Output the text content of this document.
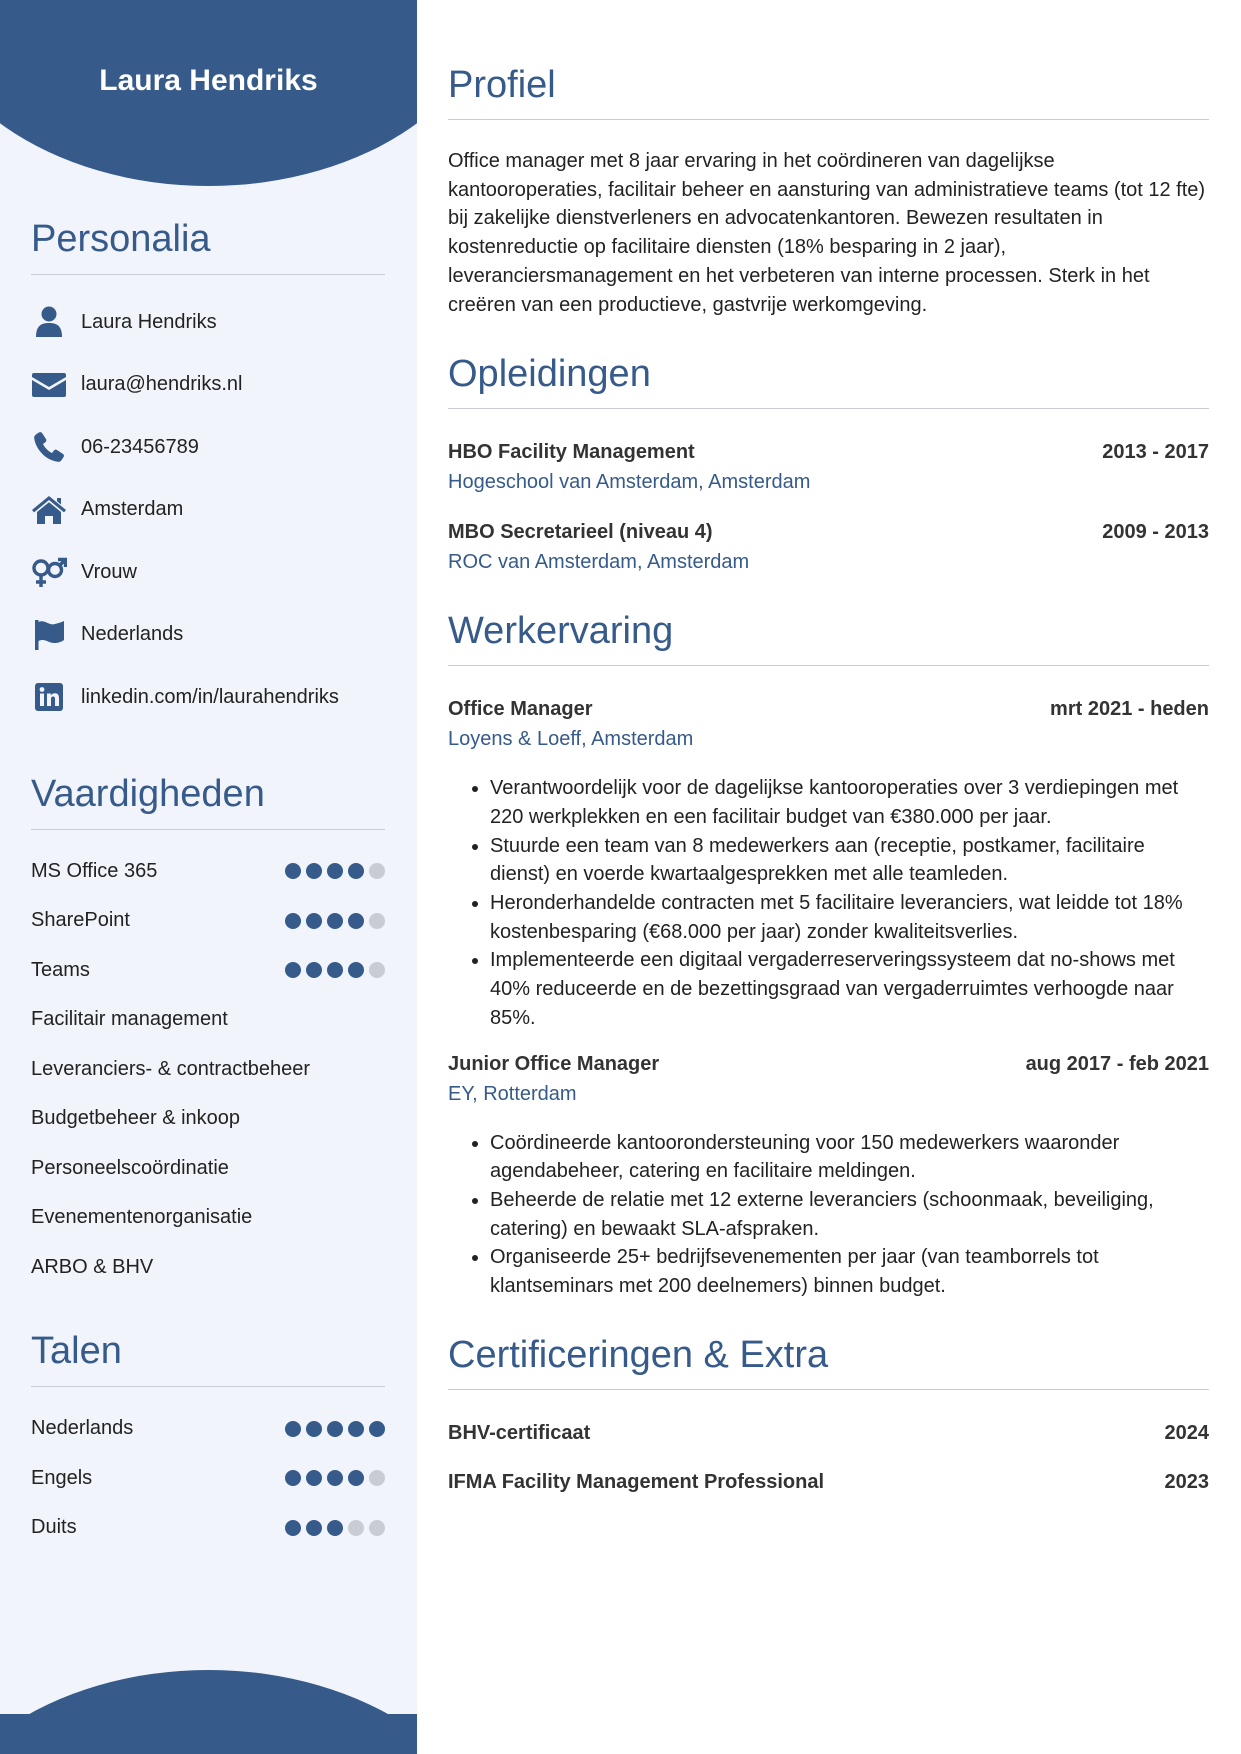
Laura Hendriks
Personalia
Laura Hendriks
laura@hendriks.nl
06-23456789
Amsterdam
Vrouw
Nederlands
linkedin.com/in/laurahendriks
Vaardigheden
MS Office 365
SharePoint
Teams
Facilitair management
Leveranciers- & contractbeheer
Budgetbeheer & inkoop
Personeelscoördinatie
Evenementenorganisatie
ARBO & BHV
Talen
Nederlands
Engels
Duits
Profiel

Office manager met 8 jaar ervaring in het coördineren van dagelijkse kantooroperaties, facilitair beheer en aansturing van administratieve teams (tot 12 fte) bij zakelijke dienstverleners en advocatenkantoren. Bewezen resultaten in kostenreductie op facilitaire diensten (18% besparing in 2 jaar), leveranciersmanagement en het verbeteren van interne processen. Sterk in het creëren van een productieve, gastvrije werkomgeving.

Opleidingen
HBO Facility Management	2013 - 2017
Hogeschool van Amsterdam, Amsterdam
MBO Secretarieel (niveau 4)	2009 - 2013
ROC van Amsterdam, Amsterdam
Werkervaring
Office Manager	mrt 2021 - heden
Loyens & Loeff, Amsterdam
• Verantwoordelijk voor de dagelijkse kantooroperaties over 3 verdiepingen met 220 werkplekken en een facilitair budget van €380.000 per jaar.
• Stuurde een team van 8 medewerkers aan (receptie, postkamer, facilitaire dienst) en voerde kwartaalgesprekken met alle teamleden.
• Heronderhandelde contracten met 5 facilitaire leveranciers, wat leidde tot 18% kostenbesparing (€68.000 per jaar) zonder kwaliteitsverlies.
• Implementeerde een digitaal vergaderreserveringssysteem dat no-shows met 40% reduceerde en de bezettingsgraad van vergaderruimtes verhoogde naar 85%.
Junior Office Manager	aug 2017 - feb 2021
EY, Rotterdam
• Coördineerde kantoorondersteuning voor 150 medewerkers waaronder agendabeheer, catering en facilitaire meldingen.
• Beheerde de relatie met 12 externe leveranciers (schoonmaak, beveiliging, catering) en bewaakt SLA-afspraken.
• Organiseerde 25+ bedrijfsevenementen per jaar (van teamborrels tot klantseminars met 200 deelnemers) binnen budget.
Certificeringen & Extra
BHV-certificaat	2024
IFMA Facility Management Professional	2023
